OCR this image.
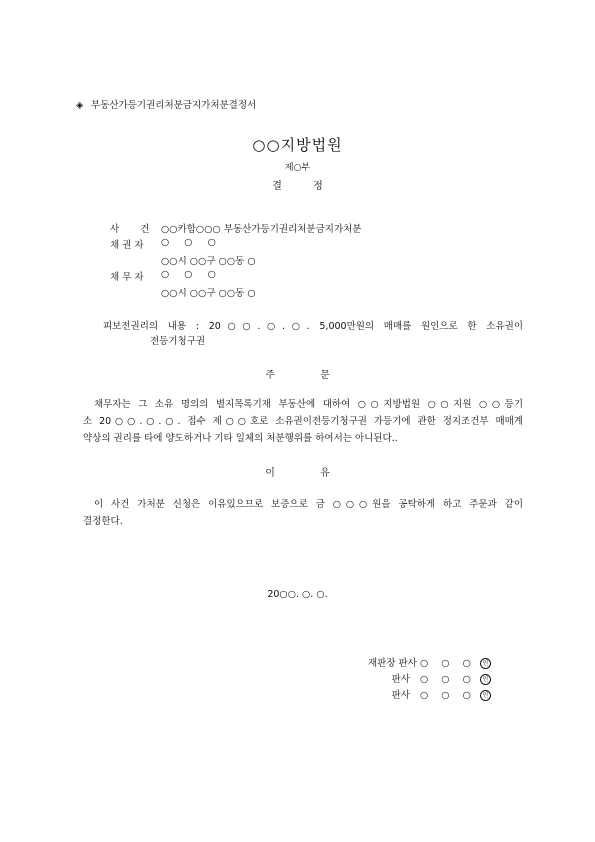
◈ 부동산가등기권리처분금지가처분결정서
○○지방법원
제○부
결 정
사 건 ○○카합○○○ 부동산가등기권리처분금지가처분
채 권 자 ○ ○ ○
○○시 ○○구 ○○동 ○
채 무 자 ○ ○ ○
○○시 ○○구 ○○동 ○
피보전권리의 내용 : 20○○.○.○. 5,000만원의 매매를 원인으로 한 소유권이
전등기청구권
주 문
채무자는 그 소유 명의의 별지목록기재 부동산에 대하여 ○○지방법원 ○○지원 ○○등기
소 20○○.○.○. 접수 제○○호로 소유권이전등기청구권 가등기에 관한 정지조건부 매매계
약상의 권리를 타에 양도하거나 기타 일체의 처분행위를 하여서는 아니된다..
이 유
이 사건 가처분 신청은 이유있으므로 보증으로 금 ○○○원을 공탁하게 하고 주문과 같이
결정한다.
20○○. ○. ○.
재판장 판사 ○ ○ ○ 인
판사 ○ ○ ○ 인
판사 ○ ○ ○ 인
